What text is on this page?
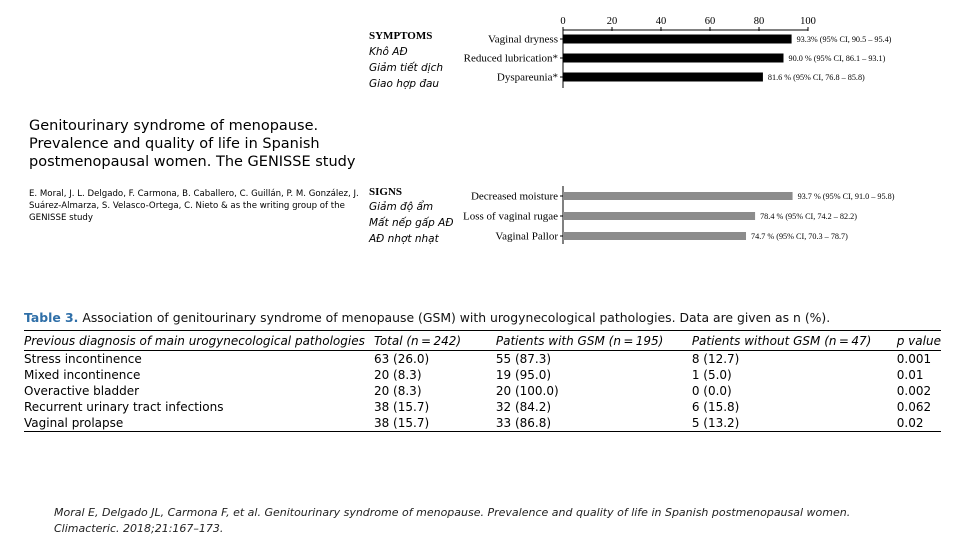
Genitourinary syndrome of menopause. Prevalence and quality of life in Spanish postmenopausal women. The GENISSE study
E. Moral, J. L. Delgado, F. Carmona, B. Caballero, C. Guillán, P. M. González, J. Suárez-Almarza, S. Velasco-Ortega, C. Nieto & as the writing group of the GENISSE study
SYMPTOMS
Khô AĐ
Giảm tiết dịch
Giao hợp đau
SIGNS
Giảm độ ẩm
Mất nếp gấp AĐ
AĐ nhợt nhạt
0	20	40	60	80	100
Vaginal dryness	93.3% (95% CI, 90.5 – 95.4)
Reduced lubrication*	90.0 % (95% CI, 86.1 – 93.1)
Dyspareunia*	81.6 % (95% CI, 76.8 – 85.8)
Decreased moisture	93.7 % (95% CI, 91.0 – 95.8)
Loss of vaginal rugae	78.4 % (95% CI, 74.2 – 82.2)
Vaginal Pallor	74.7 % (95% CI, 70.3 – 78.7)
Table 3. Association of genitourinary syndrome of menopause (GSM) with urogynecological pathologies. Data are given as n (%).
Previous diagnosis of main urogynecological pathologies	Total (n = 242)	Patients with GSM (n = 195)	Patients without GSM (n = 47)	p value
Stress incontinence	63 (26.0)	55 (87.3)	8 (12.7)	0.001
Mixed incontinence	20 (8.3)	19 (95.0)	1 (5.0)	0.01
Overactive bladder	20 (8.3)	20 (100.0)	0 (0.0)	0.002
Recurrent urinary tract infections	38 (15.7)	32 (84.2)	6 (15.8)	0.062
Vaginal prolapse	38 (15.7)	33 (86.8)	5 (13.2)	0.02
Moral E, Delgado JL, Carmona F, et al. Genitourinary syndrome of menopause. Prevalence and quality of life in Spanish postmenopausal women. Climacteric. 2018;21:167–173.
